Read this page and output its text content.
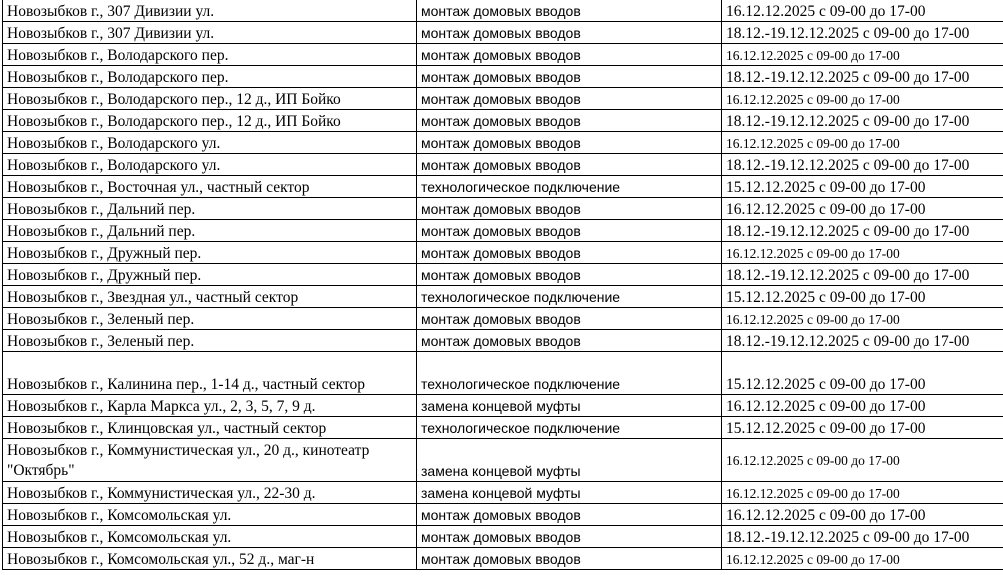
Новозыбков г., 307 Дивизии ул.	монтаж домовых вводов	16.12.12.2025 с 09-00 до 17-00
Новозыбков г., 307 Дивизии ул.	монтаж домовых вводов	18.12.-19.12.12.2025 с 09-00 до 17-00
Новозыбков г., Володарского пер.	монтаж домовых вводов	16.12.12.2025 с 09-00 до 17-00
Новозыбков г., Володарского пер.	монтаж домовых вводов	18.12.-19.12.12.2025 с 09-00 до 17-00
Новозыбков г., Володарского пер., 12 д., ИП Бойко	монтаж домовых вводов	16.12.12.2025 с 09-00 до 17-00
Новозыбков г., Володарского пер., 12 д., ИП Бойко	монтаж домовых вводов	18.12.-19.12.12.2025 с 09-00 до 17-00
Новозыбков г., Володарского ул.	монтаж домовых вводов	16.12.12.2025 с 09-00 до 17-00
Новозыбков г., Володарского ул.	монтаж домовых вводов	18.12.-19.12.12.2025 с 09-00 до 17-00
Новозыбков г., Восточная ул., частный сектор	технологическое подключение	15.12.12.2025 с 09-00 до 17-00
Новозыбков г., Дальний пер.	монтаж домовых вводов	16.12.12.2025 с 09-00 до 17-00
Новозыбков г., Дальний пер.	монтаж домовых вводов	18.12.-19.12.12.2025 с 09-00 до 17-00
Новозыбков г., Дружный пер.	монтаж домовых вводов	16.12.12.2025 с 09-00 до 17-00
Новозыбков г., Дружный пер.	монтаж домовых вводов	18.12.-19.12.12.2025 с 09-00 до 17-00
Новозыбков г., Звездная ул., частный сектор	технологическое подключение	15.12.12.2025 с 09-00 до 17-00
Новозыбков г., Зеленый пер.	монтаж домовых вводов	16.12.12.2025 с 09-00 до 17-00
Новозыбков г., Зеленый пер.	монтаж домовых вводов	18.12.-19.12.12.2025 с 09-00 до 17-00
Новозыбков г., Калинина пер., 1-14 д., частный сектор	технологическое подключение	15.12.12.2025 с 09-00 до 17-00
Новозыбков г., Карла Маркса ул., 2, 3, 5, 7, 9 д.	замена концевой муфты	16.12.12.2025 с 09-00 до 17-00
Новозыбков г., Клинцовская ул., частный сектор	технологическое подключение	15.12.12.2025 с 09-00 до 17-00
Новозыбков г., Коммунистическая ул., 20 д., кинотеатр "Октябрь"	замена концевой муфты	16.12.12.2025 с 09-00 до 17-00
Новозыбков г., Коммунистическая ул., 22-30 д.	замена концевой муфты	16.12.12.2025 с 09-00 до 17-00
Новозыбков г., Комсомольская ул.	монтаж домовых вводов	16.12.12.2025 с 09-00 до 17-00
Новозыбков г., Комсомольская ул.	монтаж домовых вводов	18.12.-19.12.12.2025 с 09-00 до 17-00
Новозыбков г., Комсомольская ул., 52 д., маг-н	монтаж домовых вводов	16.12.12.2025 с 09-00 до 17-00
